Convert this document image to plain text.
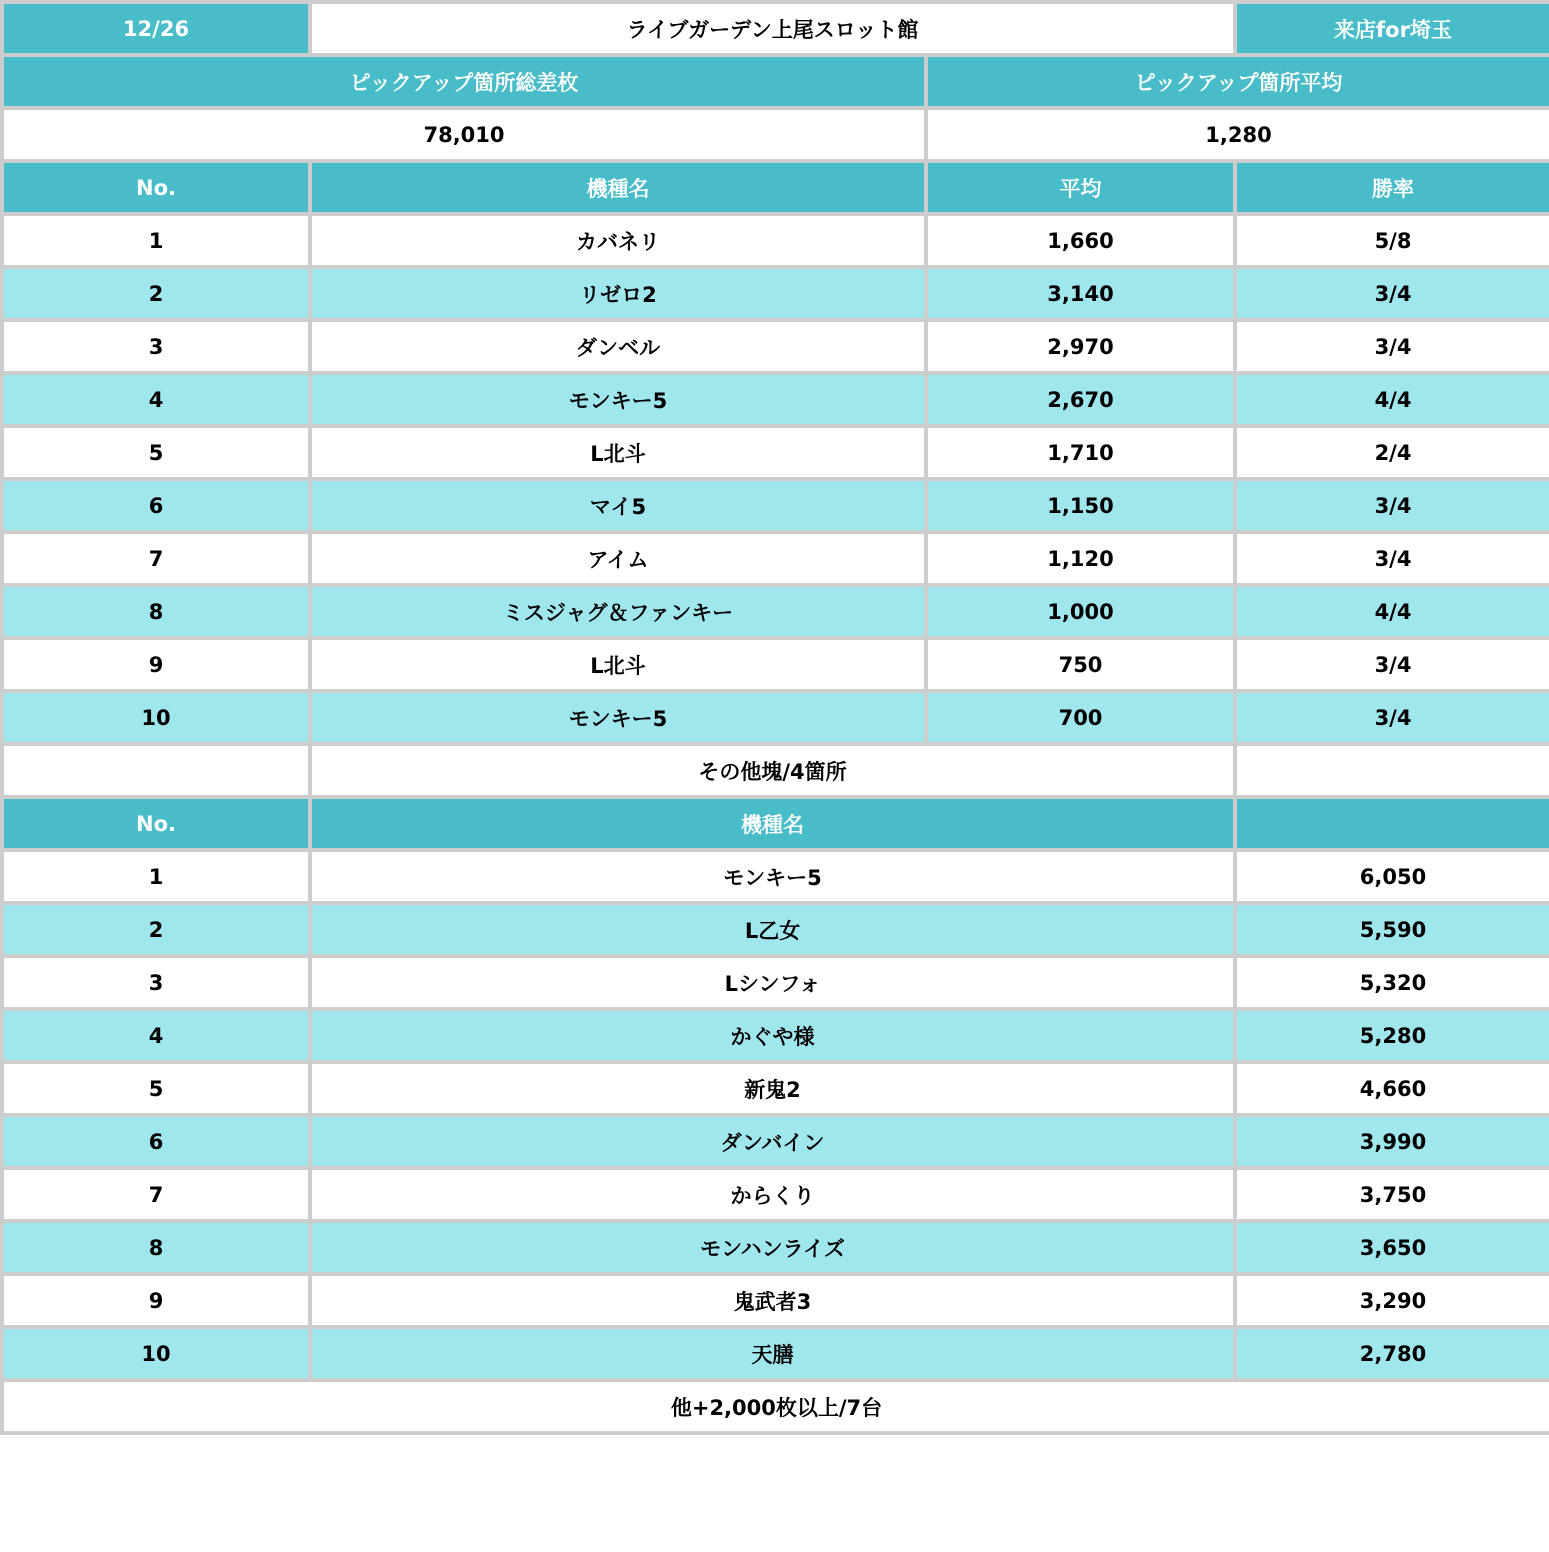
12/26	ライブガーデン上尾スロット館		来店for埼玉
ピックアップ箇所総差枚		ピックアップ箇所平均	
78,010		1,280	
No.	機種名	平均	勝率
1	カバネリ	1,660	5/8
2	リゼロ2	3,140	3/4
3	ダンベル	2,970	3/4
4	モンキー5	2,670	4/4
5	L北斗	1,710	2/4
6	マイ5	1,150	3/4
7	アイム	1,120	3/4
8	ミスジャグ＆ファンキー	1,000	4/4
9	L北斗	750	3/4
10	モンキー5	700	3/4
	その他塊/4箇所		
No.	機種名		
1	モンキー5		6,050
2	L乙女		5,590
3	Lシンフォ		5,320
4	かぐや様		5,280
5	新鬼2		4,660
6	ダンバイン		3,990
7	からくり		3,750
8	モンハンライズ		3,650
9	鬼武者3		3,290
10	天膳		2,780
他+2,000枚以上/7台			
